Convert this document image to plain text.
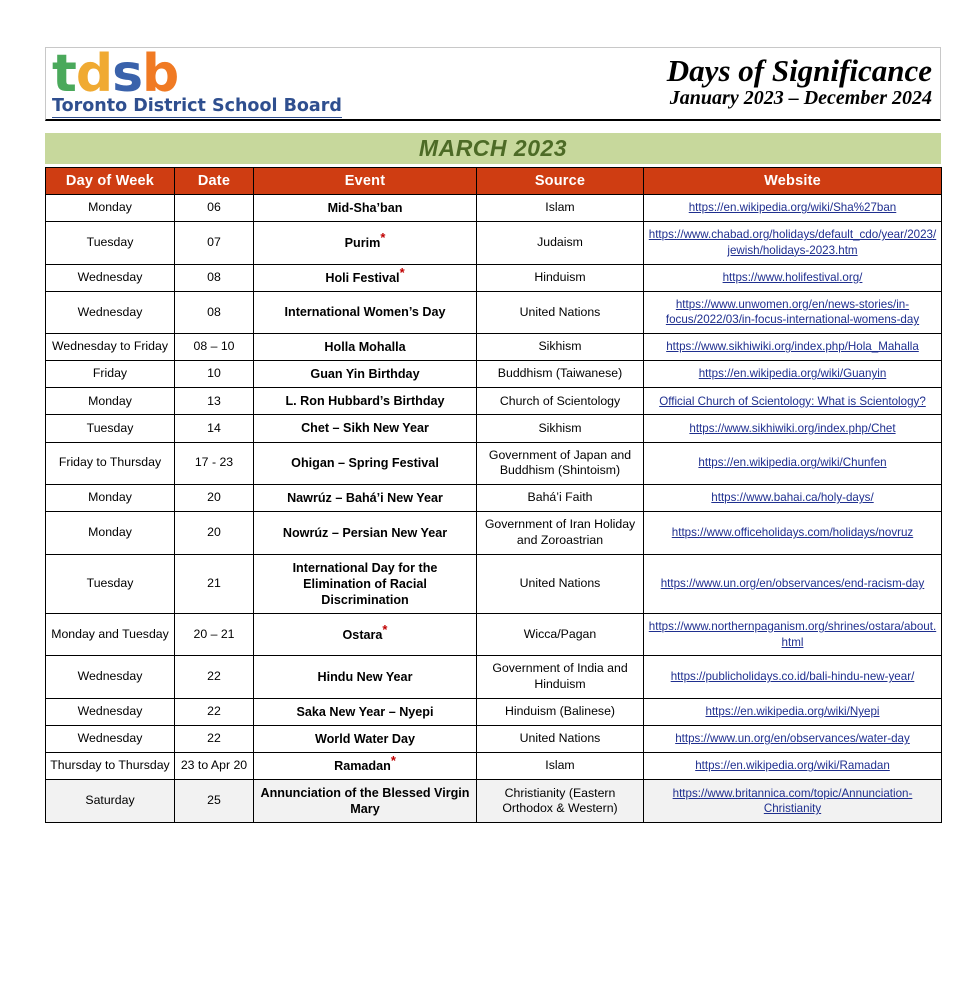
tdsb
Toronto District School Board
Days of Significance
January 2023 – December 2024
MARCH 2023
Day of Week	Date	Event	Source	Website
Monday	06	Mid-Sha’ban	Islam	https://en.wikipedia.org/wiki/Sha%27ban
Tuesday	07	Purim*	Judaism	https://www.chabad.org/holidays/default_cdo/year/2023/jewish/holidays-2023.htm
Wednesday	08	Holi Festival*	Hinduism	https://www.holifestival.org/
Wednesday	08	International Women’s Day	United Nations	https://www.unwomen.org/en/news-stories/in-focus/2022/03/in-focus-international-womens-day
Wednesday to Friday	08 – 10	Holla Mohalla	Sikhism	https://www.sikhiwiki.org/index.php/Hola_Mahalla
Friday	10	Guan Yin Birthday	Buddhism (Taiwanese)	https://en.wikipedia.org/wiki/Guanyin
Monday	13	L. Ron Hubbard’s Birthday	Church of Scientology	Official Church of Scientology: What is Scientology?
Tuesday	14	Chet – Sikh New Year	Sikhism	https://www.sikhiwiki.org/index.php/Chet
Friday to Thursday	17 - 23	Ohigan – Spring Festival	Government of Japan and Buddhism (Shintoism)	https://en.wikipedia.org/wiki/Chunfen
Monday	20	Nawrúz – Bahá’i New Year	Bahá’i Faith	https://www.bahai.ca/holy-days/
Monday	20	Nowrúz – Persian New Year	Government of Iran Holiday and Zoroastrian	https://www.officeholidays.com/holidays/novruz
Tuesday	21	International Day for the Elimination of Racial Discrimination	United Nations	https://www.un.org/en/observances/end-racism-day
Monday and Tuesday	20 – 21	Ostara*	Wicca/Pagan	https://www.northernpaganism.org/shrines/ostara/about.html
Wednesday	22	Hindu New Year	Government of India and Hinduism	https://publicholidays.co.id/bali-hindu-new-year/
Wednesday	22	Saka New Year – Nyepi	Hinduism (Balinese)	https://en.wikipedia.org/wiki/Nyepi
Wednesday	22	World Water Day	United Nations	https://www.un.org/en/observances/water-day
Thursday to Thursday	23 to Apr 20	Ramadan*	Islam	https://en.wikipedia.org/wiki/Ramadan
Saturday	25	Annunciation of the Blessed Virgin Mary	Christianity (Eastern Orthodox & Western)	https://www.britannica.com/topic/Annunciation-Christianity
